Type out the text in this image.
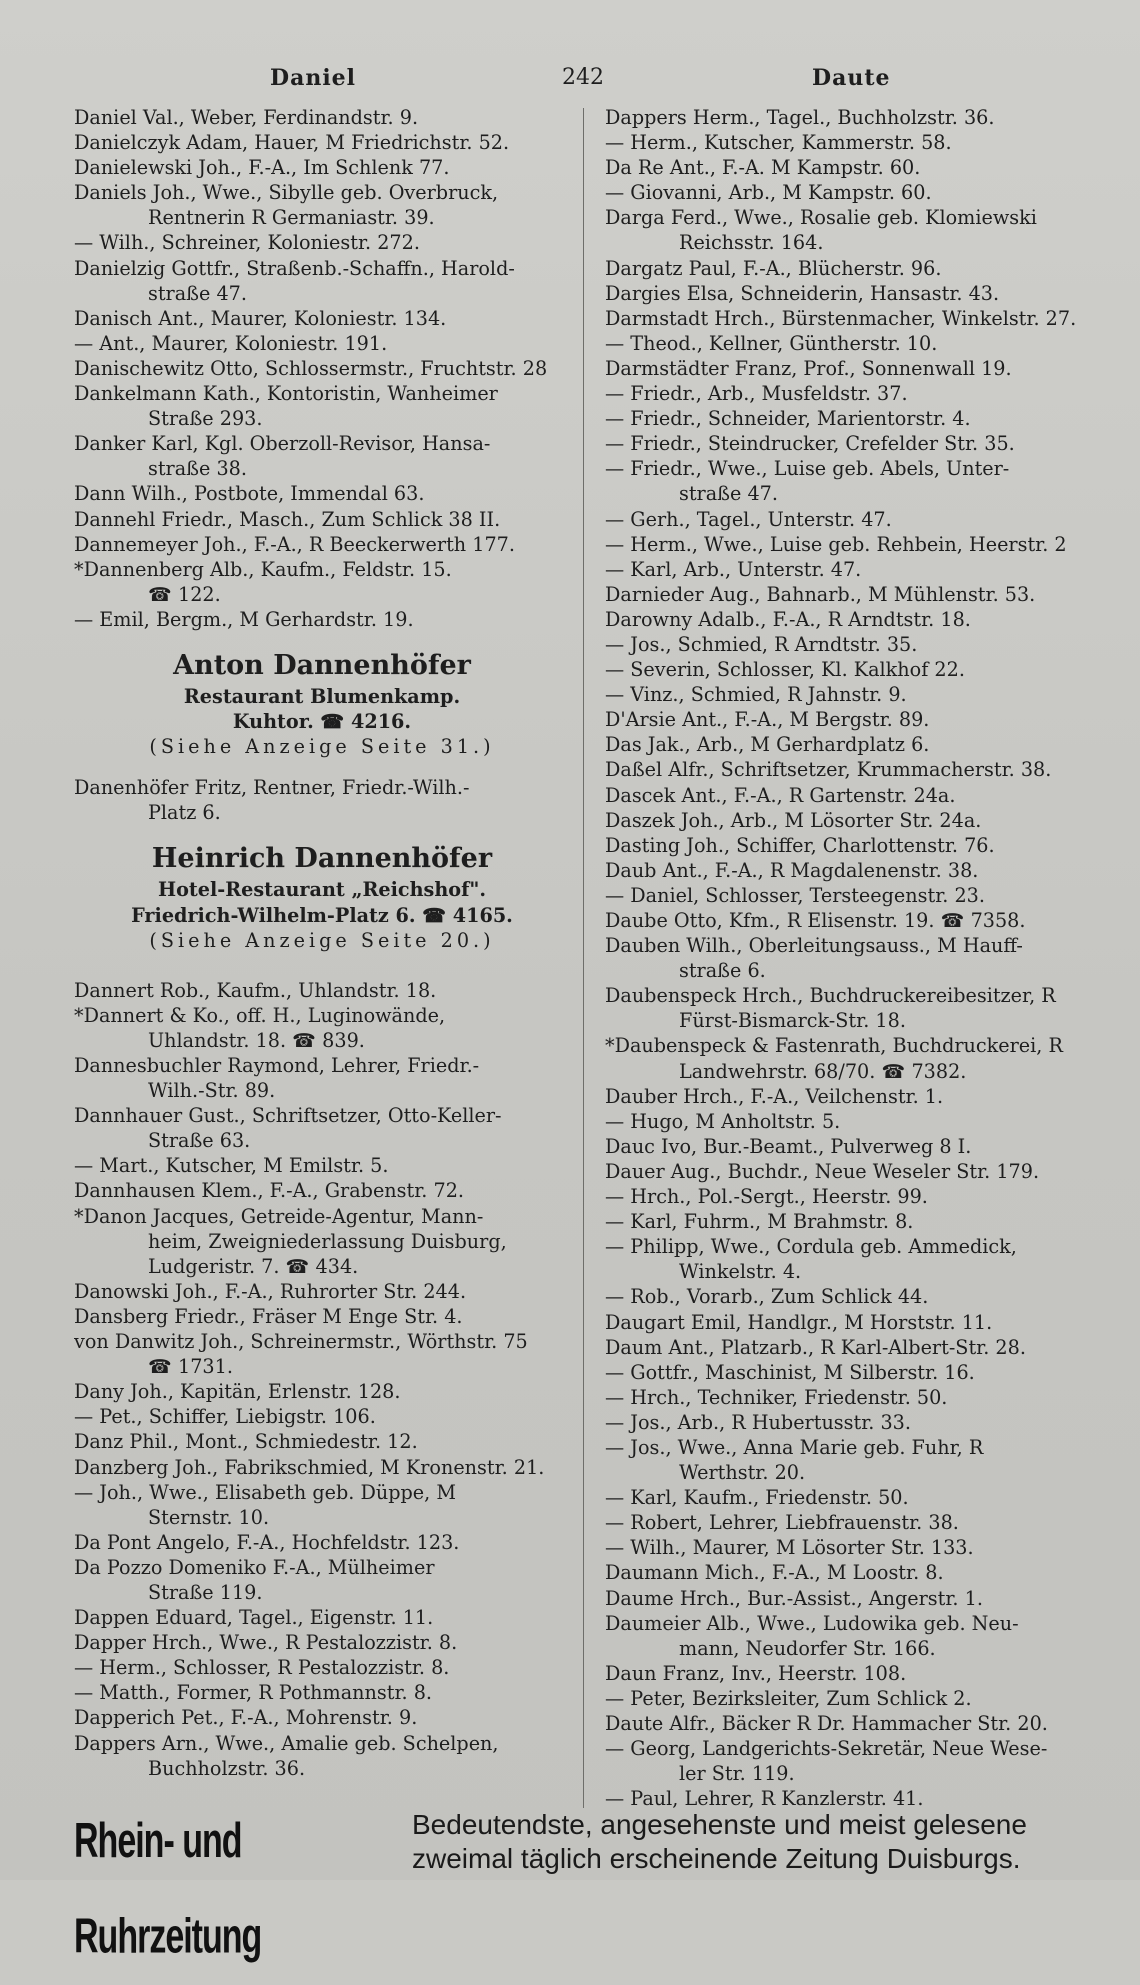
Daniel	242	Daute
Daniel Val., Weber, Ferdinandstr. 9.
Danielczyk Adam, Hauer, M Friedrichstr. 52.
Danielewski Joh., F.-A., Im Schlenk 77.
Daniels Joh., Wwe., Sibylle geb. Overbruck,
Rentnerin R Germaniastr. 39.
— Wilh., Schreiner, Koloniestr. 272.
Danielzig Gottfr., Straßenb.-Schaffn., Harold-
straße 47.
Danisch Ant., Maurer, Koloniestr. 134.
— Ant., Maurer, Koloniestr. 191.
Danischewitz Otto, Schlossermstr., Fruchtstr. 28
Dankelmann Kath., Kontoristin, Wanheimer
Straße 293.
Danker Karl, Kgl. Oberzoll-Revisor, Hansa-
straße 38.
Dann Wilh., Postbote, Immendal 63.
Dannehl Friedr., Masch., Zum Schlick 38 II.
Dannemeyer Joh., F.-A., R Beeckerwerth 177.
*Dannenberg Alb., Kaufm., Feldstr. 15.
☎ 122.
— Emil, Bergm., M Gerhardstr. 19.
Anton Dannenhöfer
Restaurant Blumenkamp.
Kuhtor. ☎ 4216.
(Siehe Anzeige Seite 31.)
Danenhöfer Fritz, Rentner, Friedr.-Wilh.-
Platz 6.
Heinrich Dannenhöfer
Hotel-Restaurant „Reichshof".
Friedrich-Wilhelm-Platz 6. ☎ 4165.
(Siehe Anzeige Seite 20.)
Dannert Rob., Kaufm., Uhlandstr. 18.
*Dannert & Ko., off. H., Luginowände,
Uhlandstr. 18. ☎ 839.
Dannesbuchler Raymond, Lehrer, Friedr.-
Wilh.-Str. 89.
Dannhauer Gust., Schriftsetzer, Otto-Keller-
Straße 63.
— Mart., Kutscher, M Emilstr. 5.
Dannhausen Klem., F.-A., Grabenstr. 72.
*Danon Jacques, Getreide-Agentur, Mann-
heim, Zweigniederlassung Duisburg,
Ludgeristr. 7. ☎ 434.
Danowski Joh., F.-A., Ruhrorter Str. 244.
Dansberg Friedr., Fräser M Enge Str. 4.
von Danwitz Joh., Schreinermstr., Wörthstr. 75
☎ 1731.
Dany Joh., Kapitän, Erlenstr. 128.
— Pet., Schiffer, Liebigstr. 106.
Danz Phil., Mont., Schmiedestr. 12.
Danzberg Joh., Fabrikschmied, M Kronenstr. 21.
— Joh., Wwe., Elisabeth geb. Düppe, M
Sternstr. 10.
Da Pont Angelo, F.-A., Hochfeldstr. 123.
Da Pozzo Domeniko F.-A., Mülheimer
Straße 119.
Dappen Eduard, Tagel., Eigenstr. 11.
Dapper Hrch., Wwe., R Pestalozzistr. 8.
— Herm., Schlosser, R Pestalozzistr. 8.
— Matth., Former, R Pothmannstr. 8.
Dapperich Pet., F.-A., Mohrenstr. 9.
Dappers Arn., Wwe., Amalie geb. Schelpen,
Buchholzstr. 36.
Dappers Herm., Tagel., Buchholzstr. 36.
— Herm., Kutscher, Kammerstr. 58.
Da Re Ant., F.-A. M Kampstr. 60.
— Giovanni, Arb., M Kampstr. 60.
Darga Ferd., Wwe., Rosalie geb. Klomiewski
Reichsstr. 164.
Dargatz Paul, F.-A., Blücherstr. 96.
Dargies Elsa, Schneiderin, Hansastr. 43.
Darmstadt Hrch., Bürstenmacher, Winkelstr. 27.
— Theod., Kellner, Güntherstr. 10.
Darmstädter Franz, Prof., Sonnenwall 19.
— Friedr., Arb., Musfeldstr. 37.
— Friedr., Schneider, Marientorstr. 4.
— Friedr., Steindrucker, Crefelder Str. 35.
— Friedr., Wwe., Luise geb. Abels, Unter-
straße 47.
— Gerh., Tagel., Unterstr. 47.
— Herm., Wwe., Luise geb. Rehbein, Heerstr. 2
— Karl, Arb., Unterstr. 47.
Darnieder Aug., Bahnarb., M Mühlenstr. 53.
Darowny Adalb., F.-A., R Arndtstr. 18.
— Jos., Schmied, R Arndtstr. 35.
— Severin, Schlosser, Kl. Kalkhof 22.
— Vinz., Schmied, R Jahnstr. 9.
D'Arsie Ant., F.-A., M Bergstr. 89.
Das Jak., Arb., M Gerhardplatz 6.
Daßel Alfr., Schriftsetzer, Krummacherstr. 38.
Dascek Ant., F.-A., R Gartenstr. 24a.
Daszek Joh., Arb., M Lösorter Str. 24a.
Dasting Joh., Schiffer, Charlottenstr. 76.
Daub Ant., F.-A., R Magdalenenstr. 38.
— Daniel, Schlosser, Tersteegenstr. 23.
Daube Otto, Kfm., R Elisenstr. 19. ☎ 7358.
Dauben Wilh., Oberleitungsauss., M Hauff-
straße 6.
Daubenspeck Hrch., Buchdruckereibesitzer, R
Fürst-Bismarck-Str. 18.
*Daubenspeck & Fastenrath, Buchdruckerei, R
Landwehrstr. 68/70. ☎ 7382.
Dauber Hrch., F.-A., Veilchenstr. 1.
— Hugo, M Anholtstr. 5.
Dauc Ivo, Bur.-Beamt., Pulverweg 8 I.
Dauer Aug., Buchdr., Neue Weseler Str. 179.
— Hrch., Pol.-Sergt., Heerstr. 99.
— Karl, Fuhrm., M Brahmstr. 8.
— Philipp, Wwe., Cordula geb. Ammedick,
Winkelstr. 4.
— Rob., Vorarb., Zum Schlick 44.
Daugart Emil, Handlgr., M Horststr. 11.
Daum Ant., Platzarb., R Karl-Albert-Str. 28.
— Gottfr., Maschinist, M Silberstr. 16.
— Hrch., Techniker, Friedenstr. 50.
— Jos., Arb., R Hubertusstr. 33.
— Jos., Wwe., Anna Marie geb. Fuhr, R
Werthstr. 20.
— Karl, Kaufm., Friedenstr. 50.
— Robert, Lehrer, Liebfrauenstr. 38.
— Wilh., Maurer, M Lösorter Str. 133.
Daumann Mich., F.-A., M Loostr. 8.
Daume Hrch., Bur.-Assist., Angerstr. 1.
Daumeier Alb., Wwe., Ludowika geb. Neu-
mann, Neudorfer Str. 166.
Daun Franz, Inv., Heerstr. 108.
— Peter, Bezirksleiter, Zum Schlick 2.
Daute Alfr., Bäcker R Dr. Hammacher Str. 20.
— Georg, Landgerichts-Sekretär, Neue Wese-
ler Str. 119.
— Paul, Lehrer, R Kanzlerstr. 41.
Rhein- und Ruhrzeitung
Bedeutendste, angesehenste und meist gelesene
zweimal täglich erscheinende Zeitung Duisburgs.
